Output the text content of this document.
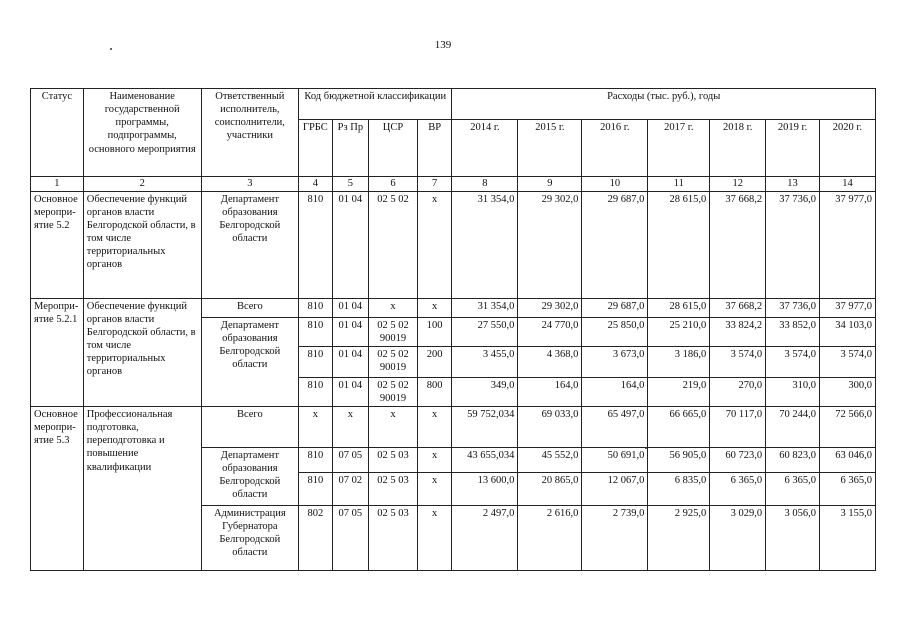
139
Статус	Наименование государственной программы, подпрограммы, основного мероприятия	Ответственный исполнитель, соисполнители, участники	Код бюджетной классификации				Расходы (тыс. руб.), годы						
			ГРБС	Рз Пр	ЦСР	ВР	2014 г.	2015 г.	2016 г.	2017 г.	2018 г.	2019 г.	2020 г.
1	2	3	4	5	6	7	8	9	10	11	12	13	14
Основное меропри-ятие 5.2	Обеспечение функций органов власти Белгородской области, в том числе территориальных органов	Департамент образования Белгородской области	810	01 04	02 5 02	х	31 354,0	29 302,0	29 687,0	28 615,0	37 668,2	37 736,0	37 977,0
Меропри-ятие 5.2.1	Обеспечение функций органов власти Белгородской области, в том числе территориальных органов	Всего	810	01 04	х	х	31 354,0	29 302,0	29 687,0	28 615,0	37 668,2	37 736,0	37 977,0
		Департамент образования Белгородской области	810	01 04	02 5 02 90019	100	27 550,0	24 770,0	25 850,0	25 210,0	33 824,2	33 852,0	34 103,0
			810	01 04	02 5 02 90019	200	3 455,0	4 368,0	3 673,0	3 186,0	3 574,0	3 574,0	3 574,0
			810	01 04	02 5 02 90019	800	349,0	164,0	164,0	219,0	270,0	310,0	300,0
Основное меропри-ятие 5.3	Профессиональная подготовка, переподготовка и повышение квалификации	Всего	х	х	х	х	59 752,034	69 033,0	65 497,0	66 665,0	70 117,0	70 244,0	72 566,0
		Департамент образования Белгородской области	810	07 05	02 5 03	х	43 655,034	45 552,0	50 691,0	56 905,0	60 723,0	60 823,0	63 046,0
			810	07 02	02 5 03	х	13 600,0	20 865,0	12 067,0	6 835,0	6 365,0	6 365,0	6 365,0
		Администрация Губернатора Белгородской области	802	07 05	02 5 03	х	2 497,0	2 616,0	2 739,0	2 925,0	3 029,0	3 056,0	3 155,0
